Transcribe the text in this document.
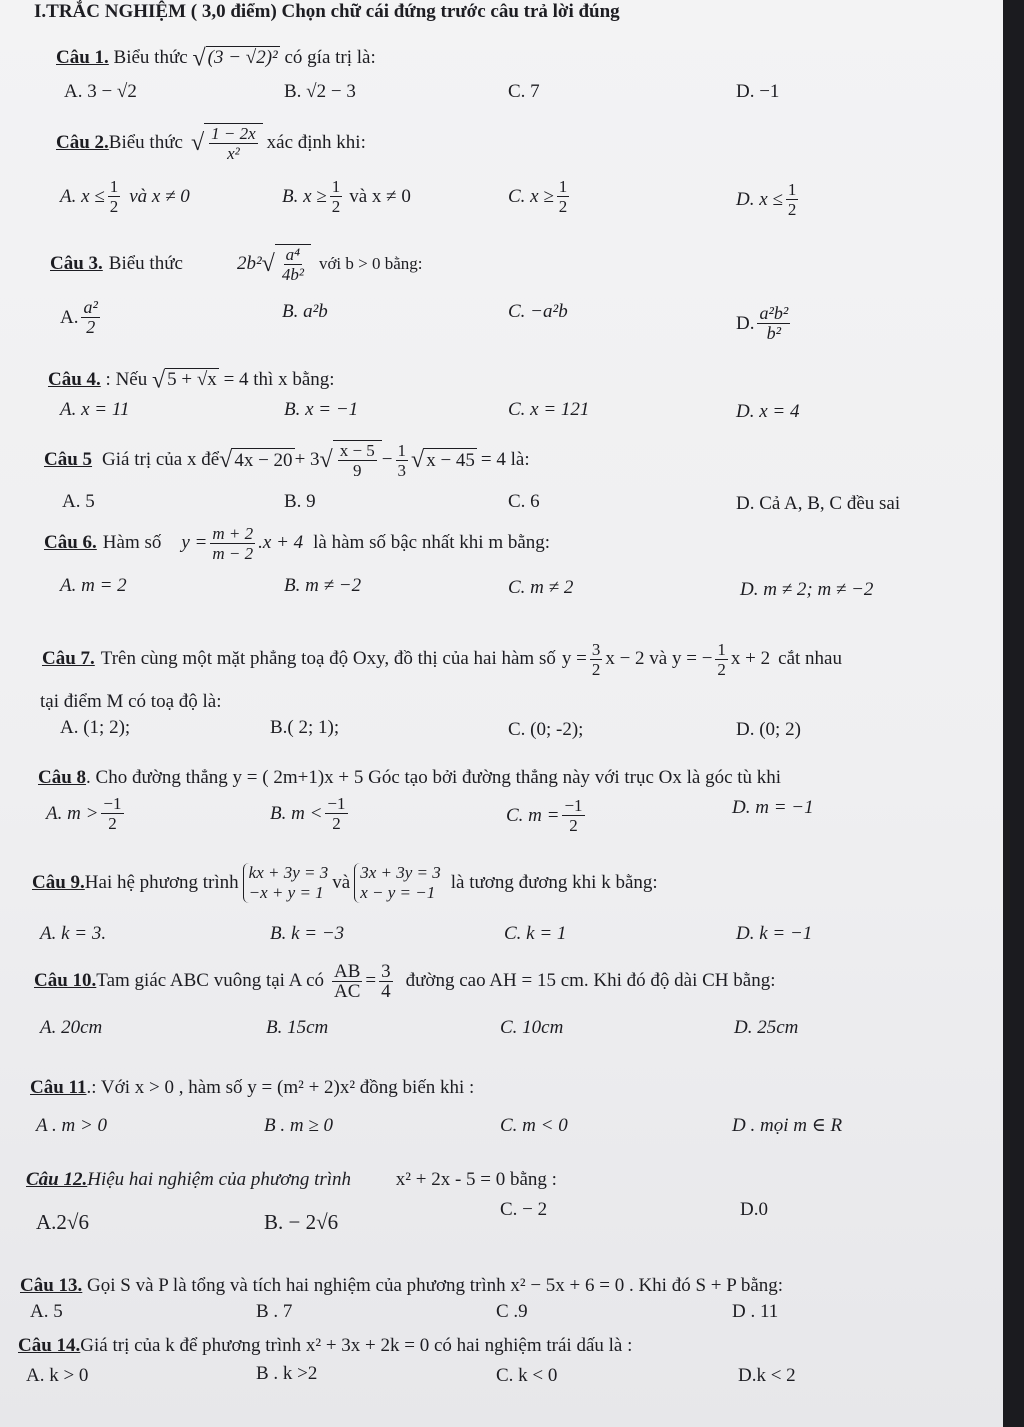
I.TRẮC NGHIỆM ( 3,0 điểm) Chọn chữ cái đứng trước câu trả lời đúng
Câu 1. Biểu thức √ (3 − √2)² có gía trị là:
A. 3 − √2	B. √2 − 3	C. 7	D. −1
Câu 2. Biểu thức √ $\frac{1 - 2x}{\text{x²}}$ xác định khi:
A. $x \le \frac{1}{2}$ và x ≠ 0	B. $x \ge \frac{1}{2}$ và x ≠ 0	C. $x \ge \frac{1}{2}$	D. $x \le \frac{1}{2}$
Câu 3. Biểu thức	2b² √ $\frac{\text{a⁴}}{\text{4b²}}$ với b > 0 bằng:
A. $\frac{\text{a²}}{2}$	B. a²b	C. −a²b
D. $\frac{\text{a²b²}}{\text{b²}}$
Câu 4. : Nếu √ 5 + √x = 4 thì x bằng:
A. x = 11	B. x = −1	C. x = 121	D. x = 4
Câu 5 Giá trị của x để √ 4x − 20 + 3 √ $\frac{x - 5}{9} - \frac{1}{3}$ √ x − 45 = 4 là:
A. 5	B. 9	C. 6	D. Cả A, B, C đều sai
Câu 6. Hàm số $y = \frac{m + 2}{m - 2} .x + 4$ là hàm số bậc nhất khi m bằng:
A. m = 2	B. m ≠ −2	C. m ≠ 2	D. m ≠ 2; m ≠ −2
Câu 7. Trên cùng một mặt phẳng toạ độ Oxy, đồ thị của hai hàm số $y = \frac{3}{2}$ x − 2 và y = − $\frac{1}{2}$ x + 2 cắt nhau
tại điểm M có toạ độ là:
A. (1; 2);	B.( 2; 1);	C. (0; -2);	D. (0; 2)
Câu 8. Cho đường thẳng y = ( 2m+1)x + 5 Góc tạo bởi đường thẳng này với trục Ox là góc tù khi
A. $m > \frac{-1}{2}$	B. $m < \frac{-1}{2}$	C. $m = \frac{-1}{2}$	D. m = −1
Câu 9. Hai hệ phương trình kx + 3y = 3
−x + y = 1 và 3x + 3y = 3
x − y = −1 là tương đương khi k bằng:
A. k = 3.	B. k = −3	C. k = 1	D. k = −1
Câu 10. Tam giác ABC vuông tại A có $\frac{AB}{AC} = \frac{3}{4}$ đường cao AH = 15 cm. Khi đó độ dài CH bằng:
A. 20cm	B. 15cm	C. 10cm	D. 25cm
Câu 11.: Với x > 0 , hàm số y = (m² + 2)x² đồng biến khi :
A . m > 0	B . m ≥ 0	C. m < 0	D . mọi m ∈ R
Câu 12.Hiệu hai nghiệm của phương trình x² + 2x - 5 = 0 bằng :
A.2√6	B. − 2√6
C. − 2	D.0
Câu 13. Gọi S và P là tổng và tích hai nghiệm của phương trình x² − 5x + 6 = 0 . Khi đó S + P bằng:
A. 5	B . 7	C .9	D . 11
Câu 14.Giá trị của k để phương trình x² + 3x + 2k = 0 có hai nghiệm trái dấu là :
A. k > 0	B . k >2	C. k < 0	D.k < 2
